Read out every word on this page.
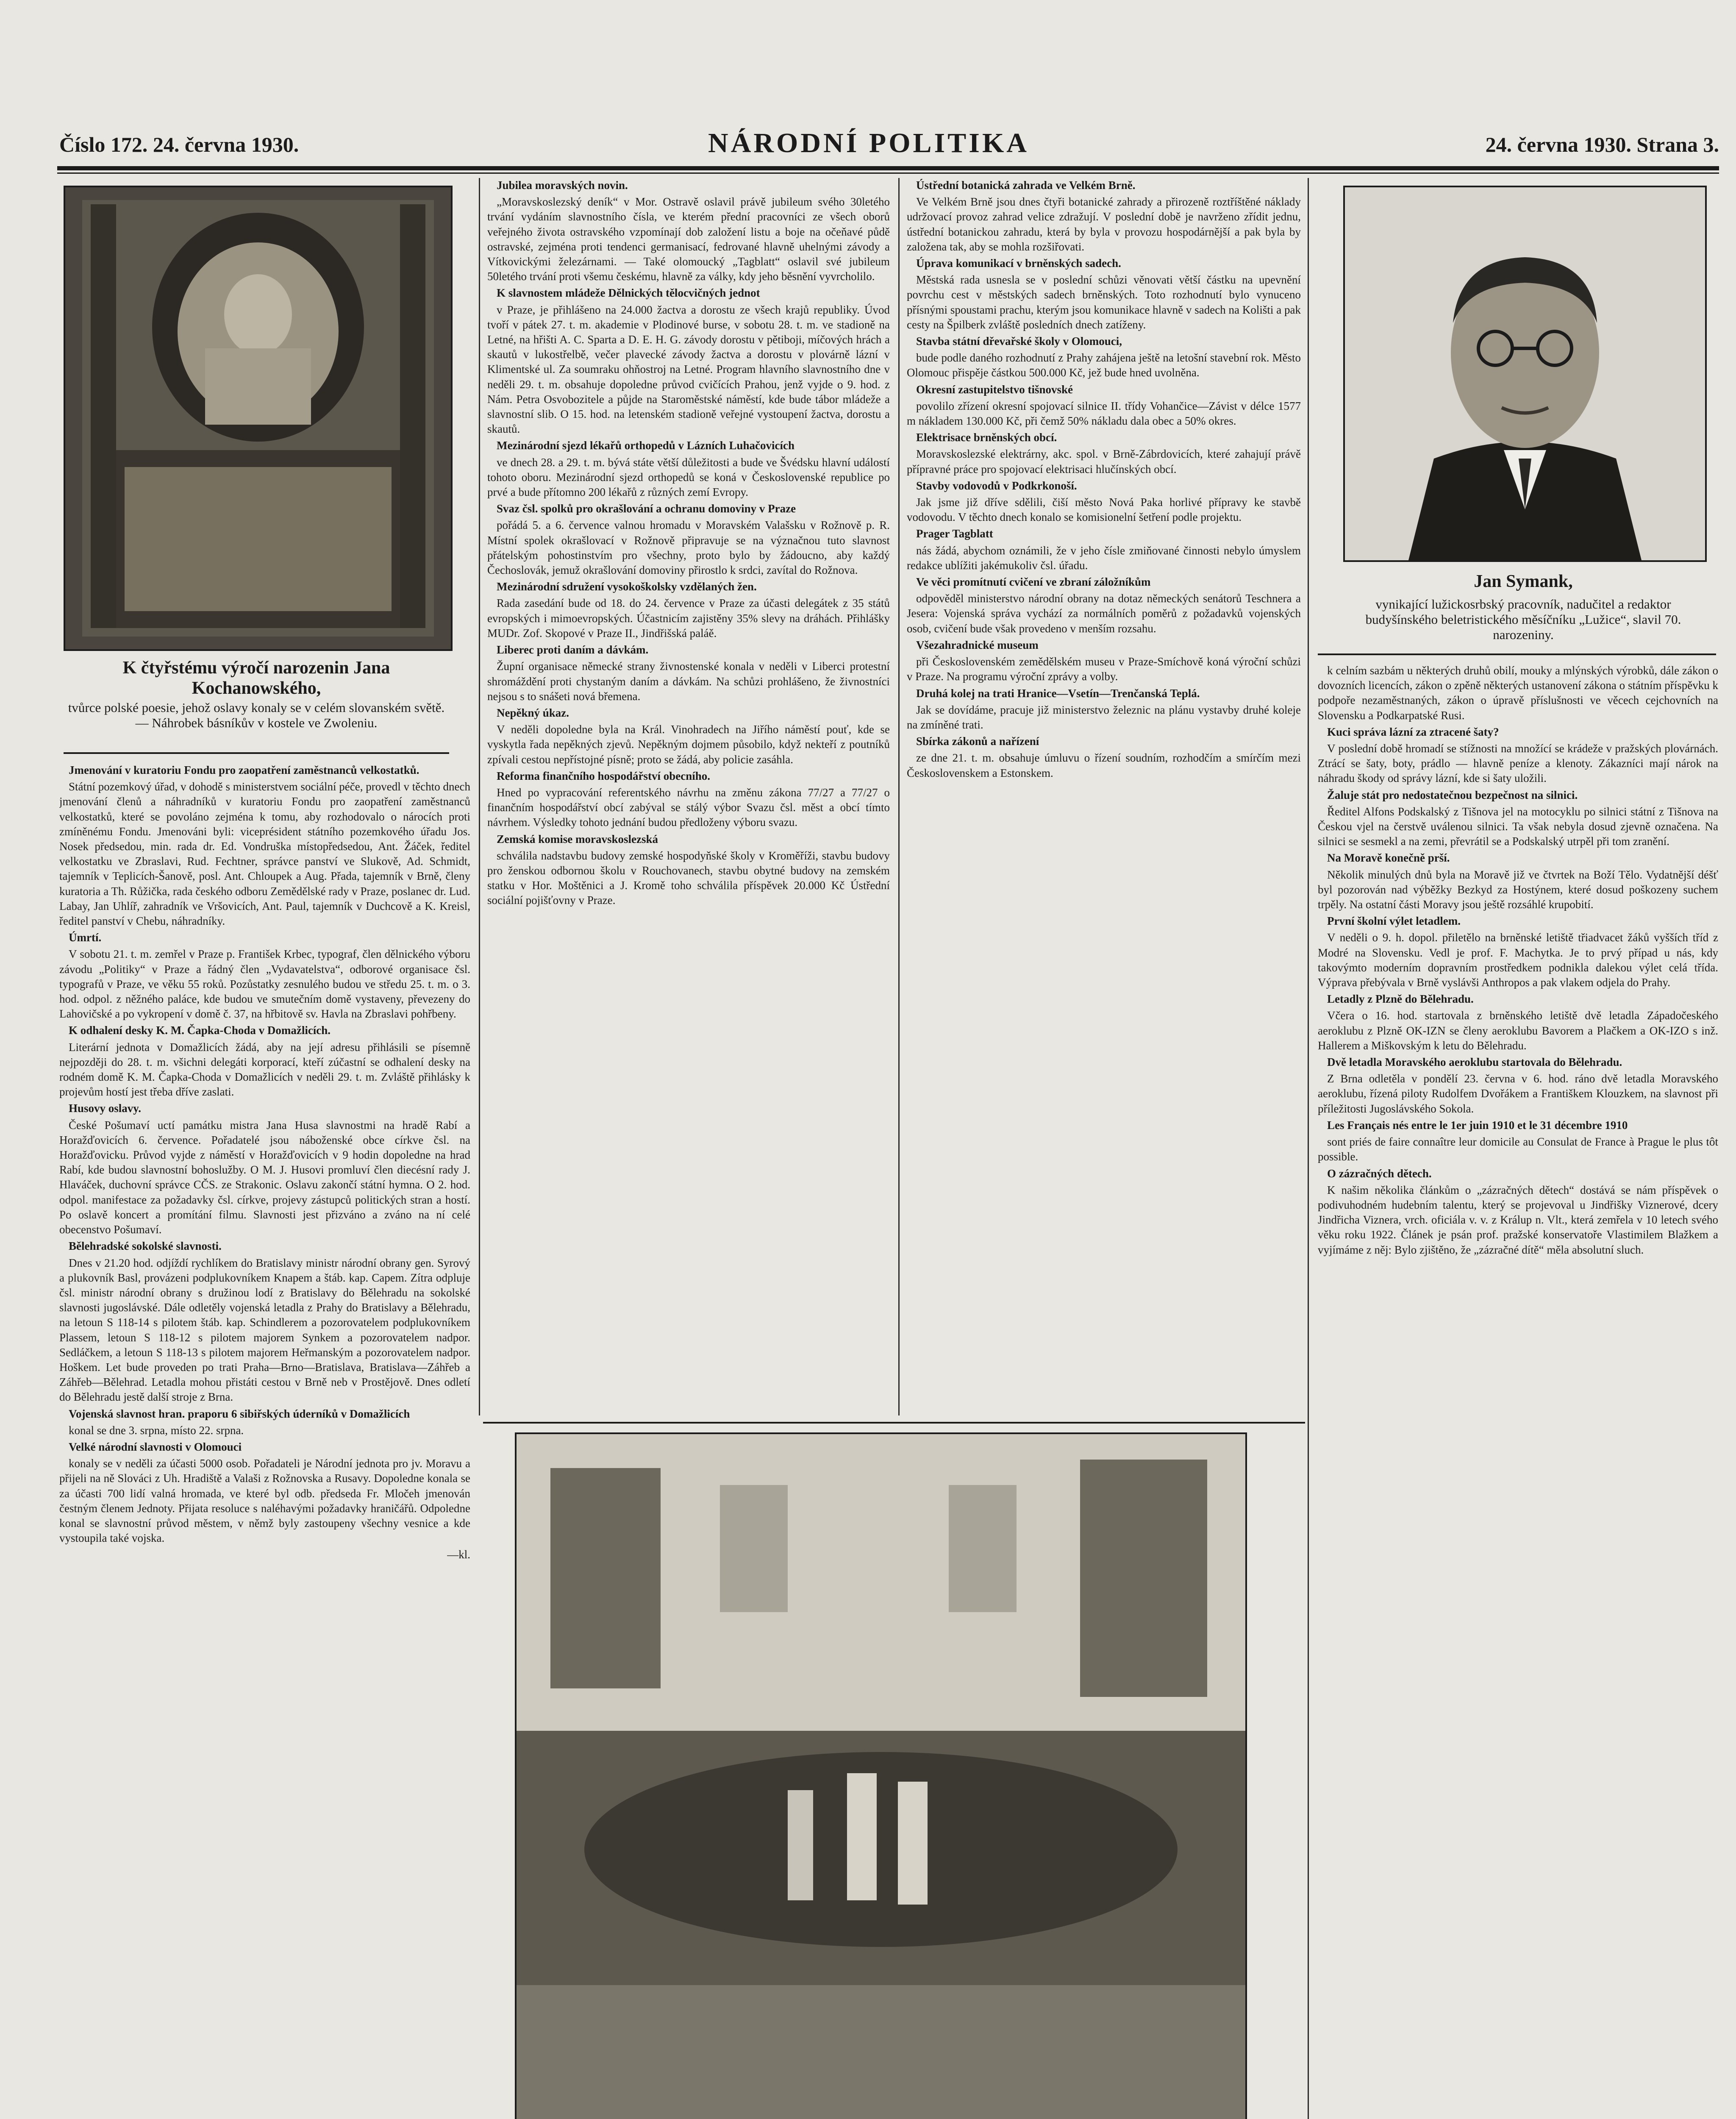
Číslo 172. 24. června 1930.	NÁRODNÍ POLITIKA	24. června 1930. Strana 3.
K čtyřstému výročí narozenin Jana Kochanowského,
tvůrce polské poesie, jehož oslavy konaly se v celém slovanském světě. — Náhrobek básníkův v kostele ve Zwoleniu.
Jan Symank,
vynikající lužickosrbský pracovník, nadučitel a redaktor budyšínského beletristického měsíčníku „Lužice“, slavil 70. narozeniny.

Jmenování v kuratoriu Fondu pro zaopatření zaměstnanců velkostatků.

Státní pozemkový úřad, v dohodě s ministerstvem sociální péče, provedl v těchto dnech jmenování členů a náhradníků v kuratoriu Fondu pro zaopatření zaměstnanců velkostatků, které se povoláno zejména k tomu, aby rozhodovalo o nárocích proti zmíněnému Fondu. Jmenováni byli: viceprésident státního pozemkového úřadu Jos. Nosek předsedou, min. rada dr. Ed. Vondruška místopředsedou, Ant. Žáček, ředitel velkostatku ve Zbraslavi, Rud. Fechtner, správce panství ve Slukově, Ad. Schmidt, tajemník v Teplicích-Šanově, posl. Ant. Chloupek a Aug. Přada, tajemník v Brně, členy kuratoria a Th. Růžička, rada českého odboru Zemědělské rady v Praze, poslanec dr. Lud. Labay, Jan Uhlíř, zahradník ve Vršovicích, Ant. Paul, tajemník v Duchcově a K. Kreisl, ředitel panství v Chebu, náhradníky.

Úmrtí.

V sobotu 21. t. m. zemřel v Praze p. František Krbec, typograf, člen dělnického výboru závodu „Politiky“ v Praze a řádný člen „Vydavatelstva“, odborové organisace čsl. typografů v Praze, ve věku 55 roků. Pozůstatky zesnulého budou ve středu 25. t. m. o 3. hod. odpol. z něžného paláce, kde budou ve smutečním domě vystaveny, převezeny do Lahovičské a po vykropení v domě č. 37, na hřbitově sv. Havla na Zbraslavi pohřbeny.

K odhalení desky K. M. Čapka-Choda v Domažlicích.

Literární jednota v Domažlicích žádá, aby na její adresu přihlásili se písemně nejpozději do 28. t. m. všichni delegáti korporací, kteří zúčastní se odhalení desky na rodném domě K. M. Čapka-Choda v Domažlicích v neděli 29. t. m. Zvláště přihlásky k projevům hostí jest třeba dříve zaslati.

Husovy oslavy.

České Pošumaví uctí památku mistra Jana Husa slavnostmi na hradě Rabí a Horažďovicích 6. července. Pořadatelé jsou náboženské obce církve čsl. na Horažďovicku. Průvod vyjde z náměstí v Horažďovicích v 9 hodin dopoledne na hrad Rabí, kde budou slavnostní bohoslužby. O M. J. Husovi promluví člen diecésní rady J. Hlaváček, duchovní správce CČS. ze Strakonic. Oslavu zakončí státní hymna. O 2. hod. odpol. manifestace za požadavky čsl. církve, projevy zástupců politických stran a hostí. Po oslavě koncert a promítání filmu. Slavnosti jest přizváno a zváno na ní celé obecenstvo Pošumaví.

Bělehradské sokolské slavnosti.

Dnes v 21.20 hod. odjíždí rychlíkem do Bratislavy ministr národní obrany gen. Syrový a plukovník Basl, provázeni podplukovníkem Knapem a štáb. kap. Capem. Zítra odpluje čsl. ministr národní obrany s družinou lodí z Bratislavy do Bělehradu na sokolské slavnosti jugoslávské. Dále odletěly vojenská letadla z Prahy do Bratislavy a Bělehradu, na letoun S 118-14 s pilotem štáb. kap. Schindlerem a pozorovatelem podplukovníkem Plassem, letoun S 118-12 s pilotem majorem Synkem a pozorovatelem nadpor. Sedláčkem, a letoun S 118-13 s pilotem majorem Heřmanským a pozorovatelem nadpor. Hoškem. Let bude proveden po trati Praha—Brno—Bratislava, Bratislava—Záhřeb a Záhřeb—Bělehrad. Letadla mohou přistáti cestou v Brně neb v Prostějově. Dnes odletí do Bělehradu jestě další stroje z Brna.

Vojenská slavnost hran. praporu 6 sibiřských úderníků v Domažlicích

konal se dne 3. srpna, místo 22. srpna.

Velké národní slavnosti v Olomouci

konaly se v neděli za účasti 5000 osob. Pořadateli je Národní jednota pro jv. Moravu a přijeli na ně Slováci z Uh. Hradiště a Valaši z Rožnovska a Rusavy. Dopoledne konala se za účasti 700 lidí valná hromada, ve které byl odb. předseda Fr. Mločeh jmenován čestným členem Jednoty. Přijata resoluce s naléhavými požadavky hraničářů. Odpoledne konal se slavnostní průvod městem, v němž byly zastoupeny všechny vesnice a kde vystoupila také vojska.

—kl.

Jubilea moravských novin.

„Moravskoslezský deník“ v Mor. Ostravě oslavil právě jubileum svého 30letého trvání vydáním slavnostního čísla, ve kterém přední pracovníci ze všech oborů veřejného života ostravského vzpomínají dob založení listu a boje na očeňavé půdě ostravské, zejména proti tendenci germanisací, fedrované hlavně uhelnými závody a Vítkovickými železárnami. — Také olomoucký „Tagblatt“ oslavil své jubileum 50letého trvání proti všemu českému, hlavně za války, kdy jeho běsnění vyvrcholilo.

K slavnostem mládeže Dělnických tělocvičných jednot

v Praze, je přihlášeno na 24.000 žactva a dorostu ze všech krajů republiky. Úvod tvoří v pátek 27. t. m. akademie v Plodinové burse, v sobotu 28. t. m. ve stadioně na Letné, na hřišti A. C. Sparta a D. E. H. G. závody dorostu v pětiboji, míčových hrách a skautů v lukostřelbě, večer plavecké závody žactva a dorostu v plovárně lázní v Klimentské ul. Za soumraku ohňostroj na Letné. Program hlavního slavnostního dne v neděli 29. t. m. obsahuje dopoledne průvod cvičících Prahou, jenž vyjde o 9. hod. z Nám. Petra Osvobozitele a půjde na Staroměstské náměstí, kde bude tábor mládeže a slavnostní slib. O 15. hod. na letenském stadioně veřejné vystoupení žactva, dorostu a skautů.

Mezinárodní sjezd lékařů orthopedů v Lázních Luhačovicích

ve dnech 28. a 29. t. m. bývá státe větší důležitosti a bude ve Švédsku hlavní událostí tohoto oboru. Mezinárodní sjezd orthopedů se koná v Československé republice po prvé a bude přítomno 200 lékařů z různých zemí Evropy.

Svaz čsl. spolků pro okrašlování a ochranu domoviny v Praze

pořádá 5. a 6. července valnou hromadu v Moravském Valašsku v Rožnově p. R. Místní spolek okrašlovací v Rožnově připravuje se na význačnou tuto slavnost přátelským pohostinstvím pro všechny, proto bylo by žádoucno, aby každý Čechoslovák, jemuž okrašlování domoviny přirostlo k srdci, zavítal do Rožnova.

Mezinárodní sdružení vysokoškolsky vzdělaných žen.

Rada zasedání bude od 18. do 24. července v Praze za účasti delegátek z 35 států evropských i mimoevropských. Účastnicím zajistěny 35% slevy na dráhách. Přihlášky MUDr. Zof. Skopové v Praze II., Jindřišská paláě.

Liberec proti daním a dávkám.

Župní organisace německé strany živnostenské konala v neděli v Liberci protestní shromáždění proti chystaným daním a dávkám. Na schůzi prohlášeno, že živnostníci nejsou s to snášeti nová břemena.

Nepěkný úkaz.

V neděli dopoledne byla na Král. Vinohradech na Jiřího náměstí pouť, kde se vyskytla řada nepěkných zjevů. Nepěkným dojmem působilo, když nekteří z poutníků zpívali cestou nepřístojné písně; proto se žádá, aby policie zasáhla.

Reforma finančního hospodářství obecního.

Hned po vypracování referentského návrhu na změnu zákona 77/27 a 77/27 o finančním hospodářství obcí zabýval se stálý výbor Svazu čsl. měst a obcí tímto návrhem. Výsledky tohoto jednání budou předloženy výboru svazu.

Zemská komise moravskoslezská

schválila nadstavbu budovy zemské hospodyňské školy v Kroměříži, stavbu budovy pro ženskou odbornou školu v Rouchovanech, stavbu obytné budovy na zemském statku v Hor. Moštěnici a J. Kromě toho schválila příspěvek 20.000 Kč Ústřední sociální pojišťovny v Praze.

Ústřední botanická zahrada ve Velkém Brně.

Ve Velkém Brně jsou dnes čtyři botanické zahrady a přirozeně roztříštěné náklady udržovací provoz zahrad velice zdražují. V poslední době je navrženo zřídit jednu, ústřední botanickou zahradu, která by byla v provozu hospodárnější a pak byla by založena tak, aby se mohla rozšiřovati.

Úprava komunikací v brněnských sadech.

Městská rada usnesla se v poslední schůzi věnovati větší částku na upevnění povrchu cest v městských sadech brněnských. Toto rozhodnutí bylo vynuceno přísnými spoustami prachu, kterým jsou komunikace hlavně v sadech na Kolišti a pak cesty na Špilberk zvláště posledních dnech zatíženy.

Stavba státní dřevařské školy v Olomouci,

bude podle daného rozhodnutí z Prahy zahájena ještě na letošní stavební rok. Město Olomouc přispěje částkou 500.000 Kč, jež bude hned uvolněna.

Okresní zastupitelstvo tišnovské

povolilo zřízení okresní spojovací silnice II. třídy Vohančice—Závist v délce 1577 m nákladem 130.000 Kč, při čemž 50% nákladu dala obec a 50% okres.

Elektrisace brněnských obcí.

Moravskoslezské elektrárny, akc. spol. v Brně-Zábrdovicích, které zahajují právě přípravné práce pro spojovací elektrisaci hlučínských obcí.

Stavby vodovodů v Podkrkonoší.

Jak jsme již dříve sdělili, čiší město Nová Paka horlivé přípravy ke stavbě vodovodu. V těchto dnech konalo se komisionelní šetření podle projektu.

Prager Tagblatt

nás žádá, abychom oznámili, že v jeho čísle zmiňované činnosti nebylo úmyslem redakce ublížiti jakémukoliv čsl. úřadu.

Ve věci promítnutí cvičení ve zbraní záložníkům

odpověděl ministerstvo národní obrany na dotaz německých senátorů Teschnera a Jesera: Vojenská správa vychází za normálních poměrů z požadavků vojenských osob, cvičení bude však provedeno v menším rozsahu.

Všezahradnické museum

při Československém zemědělském museu v Praze-Smíchově koná výroční schůzi v Praze. Na programu výroční zprávy a volby.

Druhá kolej na trati Hranice—Vsetín—Trenčanská Teplá.

Jak se dovídáme, pracuje již ministerstvo železnic na plánu vystavby druhé koleje na zmíněné trati.

Sbírka zákonů a nařízení

ze dne 21. t. m. obsahuje úmluvu o řízení soudním, rozhodčím a smírčím mezi Československem a Estonskem.

k celním sazbám u některých druhů obilí, mouky a mlýnských výrobků, dále zákon o dovozních licencích, zákon o zpěně některých ustanovení zákona o státním příspěvku k podpoře nezaměstnaných, zákon o úpravě příslušnosti ve věcech cejchovních na Slovensku a Podkarpatské Rusi.

Kuci správa lázní za ztracené šaty?

V poslední době hromadí se stížnosti na množící se krádeže v pražských plovárnách. Ztrácí se šaty, boty, prádlo — hlavně peníze a klenoty. Zákazníci mají nárok na náhradu škody od správy lázní, kde si šaty uložili.

Žaluje stát pro nedostatečnou bezpečnost na silnici.

Ředitel Alfons Podskalský z Tišnova jel na motocyklu po silnici státní z Tišnova na Českou vjel na čerstvě uválenou silnici. Ta však nebyla dosud zjevně označena. Na silnici se sesmekl a na zemi, převrátil se a Podskalský utrpěl při tom zranění.

Na Moravě konečně prší.

Několik minulých dnů byla na Moravě již ve čtvrtek na Boží Tělo. Vydatnější déšť byl pozorován nad výběžky Bezkyd za Hostýnem, které dosud poškozeny suchem trpěly. Na ostatní části Moravy jsou ještě rozsáhlé krupobití.

První školní výlet letadlem.

V neděli o 9. h. dopol. přiletělo na brněnské letiště třiadvacet žáků vyšších tříd z Modré na Slovensku. Vedl je prof. F. Machytka. Je to prvý případ u nás, kdy takovýmto moderním dopravním prostředkem podnikla dalekou výlet celá třída. Výprava přebývala v Brně vyslávši Anthropos a pak vlakem odjela do Prahy.

Letadly z Plzně do Bělehradu.

Včera o 16. hod. startovala z brněnského letiště dvě letadla Západočeského aeroklubu z Plzně OK-IZN se členy aeroklubu Bavorem a Plačkem a OK-IZO s inž. Hallerem a Miškovským k letu do Bělehradu.

Dvě letadla Moravského aeroklubu startovala do Bělehradu.

Z Brna odletěla v pondělí 23. června v 6. hod. ráno dvě letadla Moravského aeroklubu, řízená piloty Rudolfem Dvořákem a Františkem Klouzkem, na slavnost při příležitosti Jugoslávského Sokola.

Les Français nés entre le 1er juin 1910 et le 31 décembre 1910

sont priés de faire connaître leur domicile au Consulat de France à Prague le plus tôt possible.

O zázračných dětech.

K našim několika článkům o „zázračných dětech“ dostává se nám příspěvek o podivuhodném hudebním talentu, který se projevoval u Jindřišky Viznerové, dcery Jindřicha Viznera, vrch. oficiála v. v. z Králup n. Vlt., která zemřela v 10 letech svého věku roku 1922. Článek je psán prof. pražské konservatoře Vlastimilem Blažkem a vyjímáme z něj: Bylo zjištěno, že „zázračné dítě“ měla absolutní sluch.
